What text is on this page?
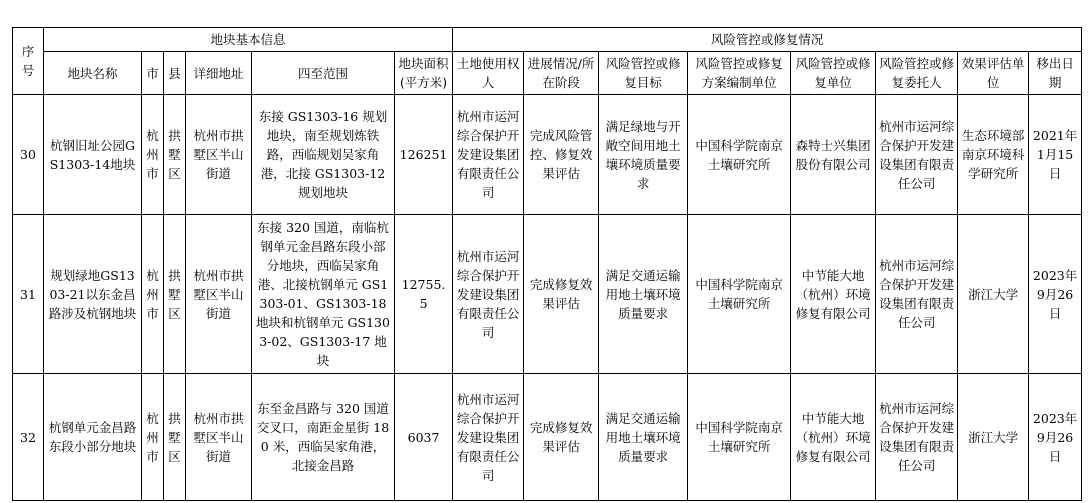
序号	地块基本信息						风险管控或修复情况							
	地块名称	市	县	详细地址	四至范围	地块面积(平方米)	土地使用权人	进展情况/所在阶段	风险管控或修复目标	风险管控或修复方案编制单位	风险管控或修复单位	风险管控或修复委托人	效果评估单位	移出日期
30	杭钢旧址公园GS1303-14地块	杭州市	拱墅区	杭州市拱墅区半山街道	东接 GS1303-16 规划地块，南至规划炼铁路，西临规划吴家角港，北接 GS1303-12 规划地块	126251	杭州市运河综合保护开发建设集团有限责任公司	完成风险管控、修复效果评估	满足绿地与开敞空间用地土壤环境质量要求	中国科学院南京土壤研究所	森特士兴集团股份有限公司	杭州市运河综合保护开发建设集团有限责任公司	生态环境部南京环境科学研究所	2021年1月15日
31	规划绿地GS1303-21以东金昌路涉及杭钢地块	杭州市	拱墅区	杭州市拱墅区半山街道	东接 320 国道，南临杭钢单元金昌路东段小部分地块，西临吴家角港、北接杭钢单元 GS1303-01、GS1303-18 地块和杭钢单元 GS1303-02、GS1303-17 地块	12755.5	杭州市运河综合保护开发建设集团有限责任公司	完成修复效果评估	满足交通运输用地土壤环境质量要求	中国科学院南京土壤研究所	中节能大地（杭州）环境修复有限公司	杭州市运河综合保护开发建设集团有限责任公司	浙江大学	2023年9月26日
32	杭钢单元金昌路东段小部分地块	杭州市	拱墅区	杭州市拱墅区半山街道	东至金昌路与 320 国道交叉口，南距金星街 180 米，西临吴家角港，北接金昌路	6037	杭州市运河综合保护开发建设集团有限责任公司	完成修复效果评估	满足交通运输用地土壤环境质量要求	中国科学院南京土壤研究所	中节能大地（杭州）环境修复有限公司	杭州市运河综合保护开发建设集团有限责任公司	浙江大学	2023年9月26日
